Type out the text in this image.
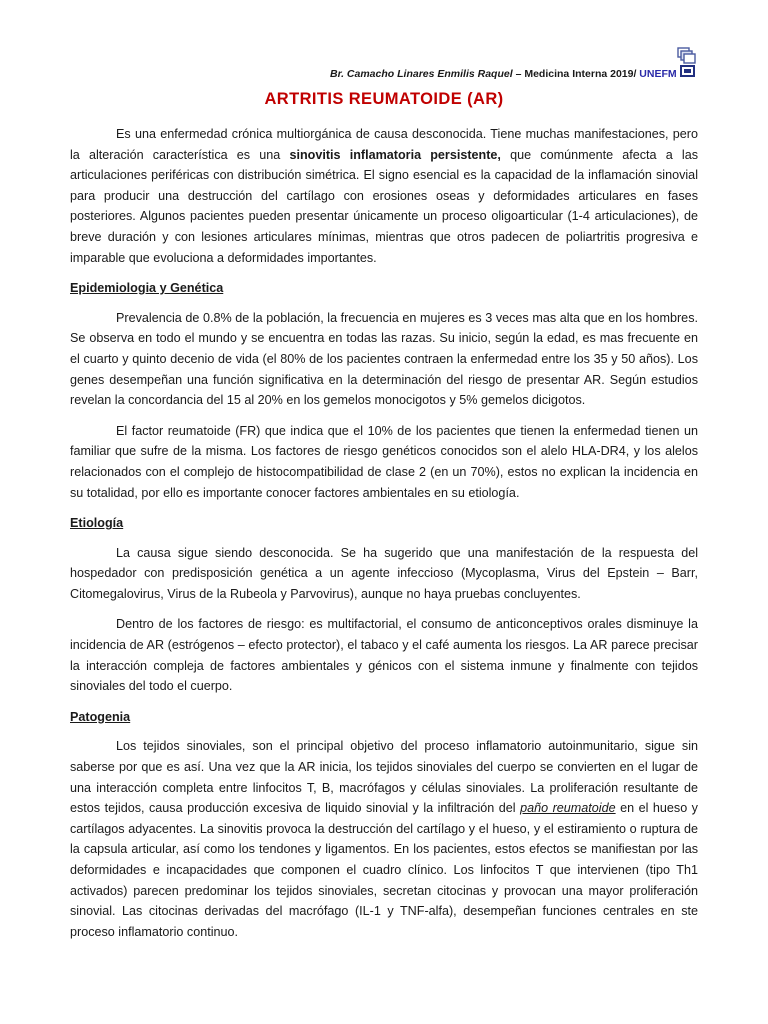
Br. Camacho Linares Enmilis Raquel – Medicina Interna 2019/ UNEFM
ARTRITIS REUMATOIDE (AR)

Es una enfermedad crónica multiorgánica de causa desconocida. Tiene muchas manifestaciones, pero la alteración característica es una sinovitis inflamatoria persistente, que comúnmente afecta a las articulaciones periféricas con distribución simétrica. El signo esencial es la capacidad de la inflamación sinovial para producir una destrucción del cartílago con erosiones oseas y deformidades articulares en fases posteriores. Algunos pacientes pueden presentar únicamente un proceso oligoarticular (1-4 articulaciones), de breve duración y con lesiones articulares mínimas, mientras que otros padecen de poliartritis progresiva e imparable que evoluciona a deformidades importantes.

Epidemiologia y Genética

Prevalencia de 0.8% de la población, la frecuencia en mujeres es 3 veces mas alta que en los hombres. Se observa en todo el mundo y se encuentra en todas las razas. Su inicio, según la edad, es mas frecuente en el cuarto y quinto decenio de vida (el 80% de los pacientes contraen la enfermedad entre los 35 y 50 años). Los genes desempeñan una función significativa en la determinación del riesgo de presentar AR. Según estudios revelan la concordancia del 15 al 20% en los gemelos monocigotos y 5% gemelos dicigotos.

El factor reumatoide (FR) que indica que el 10% de los pacientes que tienen la enfermedad tienen un familiar que sufre de la misma. Los factores de riesgo genéticos conocidos son el alelo HLA-DR4, y los alelos relacionados con el complejo de histocompatibilidad de clase 2 (en un 70%), estos no explican la incidencia en su totalidad, por ello es importante conocer factores ambientales en su etiología.

Etiología

La causa sigue siendo desconocida. Se ha sugerido que una manifestación de la respuesta del hospedador con predisposición genética a un agente infeccioso (Mycoplasma, Virus del Epstein – Barr, Citomegalovirus, Virus de la Rubeola y Parvovirus), aunque no haya pruebas concluyentes.

Dentro de los factores de riesgo: es multifactorial, el consumo de anticonceptivos orales disminuye la incidencia de AR (estrógenos – efecto protector), el tabaco y el café aumenta los riesgos. La AR parece precisar la interacción compleja de factores ambientales y génicos con el sistema inmune y finalmente con tejidos sinoviales del todo el cuerpo.

Patogenia

Los tejidos sinoviales, son el principal objetivo del proceso inflamatorio autoinmunitario, sigue sin saberse por que es así. Una vez que la AR inicia, los tejidos sinoviales del cuerpo se convierten en el lugar de una interacción completa entre linfocitos T, B, macrófagos y células sinoviales. La proliferación resultante de estos tejidos, causa producción excesiva de liquido sinovial y la infiltración del paño reumatoide en el hueso y cartílagos adyacentes. La sinovitis provoca la destrucción del cartílago y el hueso, y el estiramiento o ruptura de la capsula articular, así como los tendones y ligamentos. En los pacientes, estos efectos se manifiestan por las deformidades e incapacidades que componen el cuadro clínico. Los linfocitos T que intervienen (tipo Th1 activados) parecen predominar los tejidos sinoviales, secretan citocinas y provocan una mayor proliferación sinovial. Las citocinas derivadas del macrófago (IL-1 y TNF-alfa), desempeñan funciones centrales en ste proceso inflamatorio continuo.
